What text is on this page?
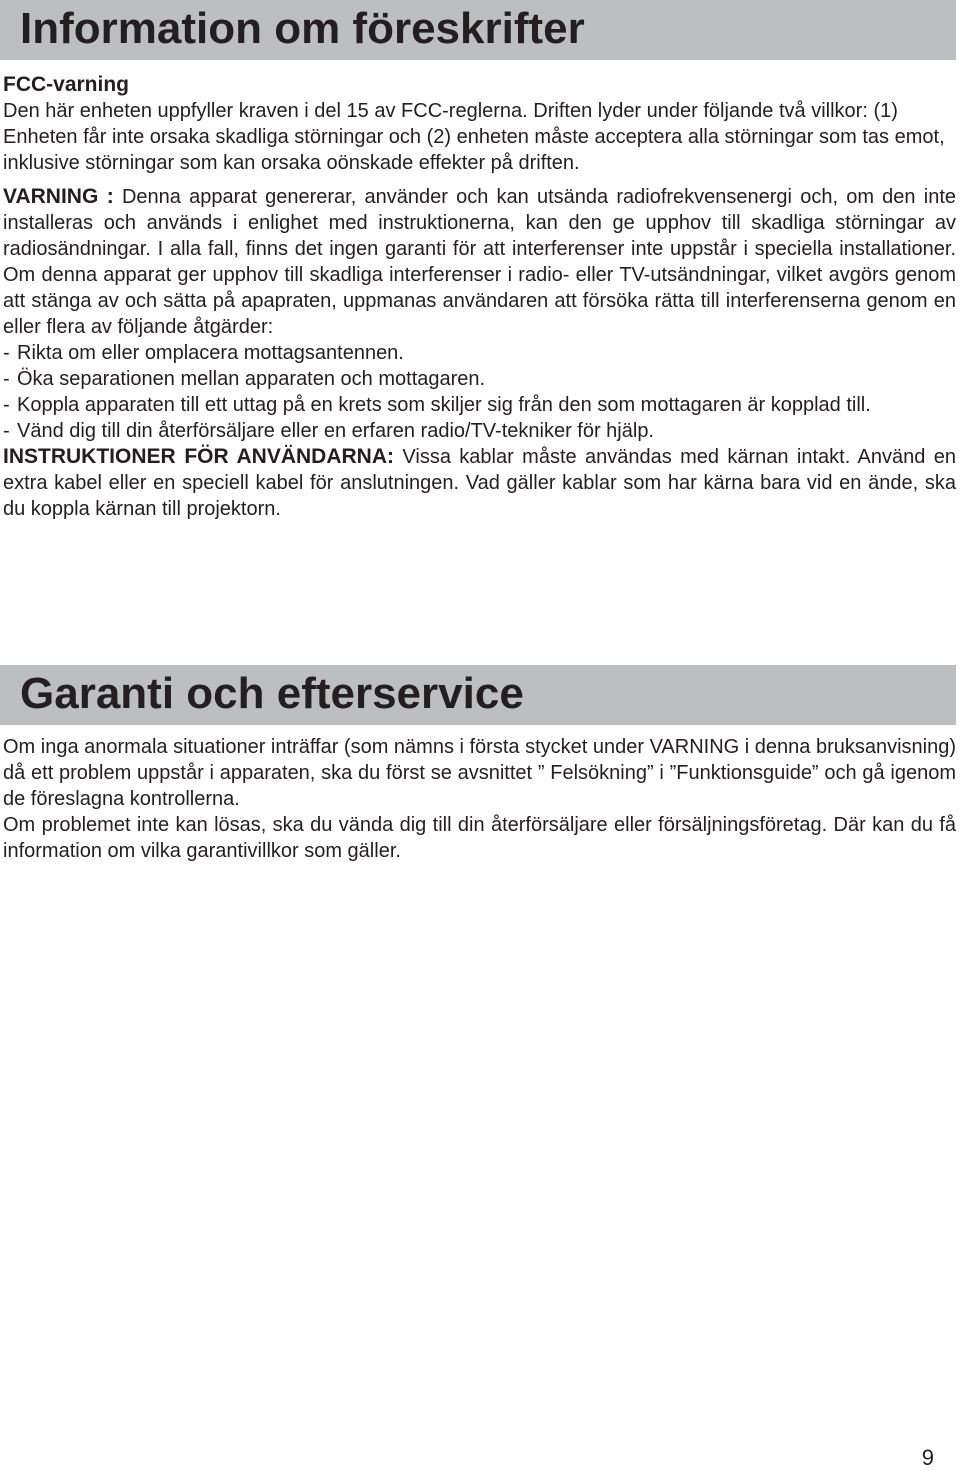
Information om föreskrifter
FCC-varning

Den här enheten uppfyller kraven i del 15 av FCC-reglerna. Driften lyder under följande två villkor: (1) Enheten får inte orsaka skadliga störningar och (2) enheten måste acceptera alla störningar som tas emot, inklusive störningar som kan orsaka oönskade effekter på driften.

VARNING : Denna apparat genererar, använder och kan utsända radiofrekvensenergi och, om den inte installeras och används i enlighet med instruktionerna, kan den ge upphov till skadliga störningar av radiosändningar. I alla fall, finns det ingen garanti för att interferenser inte uppstår i speciella installationer. Om denna apparat ger upphov till skadliga interferenser i radio- eller TV-utsändningar, vilket avgörs genom att stänga av och sätta på apapraten, uppmanas användaren att försöka rätta till interferenserna genom en eller flera av följande åtgärder:

- Rikta om eller omplacera mottagsantennen.
- Öka separationen mellan apparaten och mottagaren.
- Koppla apparaten till ett uttag på en krets som skiljer sig från den som mottagaren är kopplad till.
- Vänd dig till din återförsäljare eller en erfaren radio/TV-tekniker för hjälp.

INSTRUKTIONER FÖR ANVÄNDARNA: Vissa kablar måste användas med kärnan intakt. Använd en extra kabel eller en speciell kabel för anslutningen. Vad gäller kablar som har kärna bara vid en ände, ska du koppla kärnan till projektorn.

Garanti och efterservice

Om inga anormala situationer inträffar (som nämns i första stycket under VARNING i denna bruksanvisning) då ett problem uppstår i apparaten, ska du först se avsnittet ” Felsökning” i ”Funktionsguide” och gå igenom de föreslagna kontrollerna.

Om problemet inte kan lösas, ska du vända dig till din återförsäljare eller försäljningsföretag. Där kan du få information om vilka garantivillkor som gäller.

9
